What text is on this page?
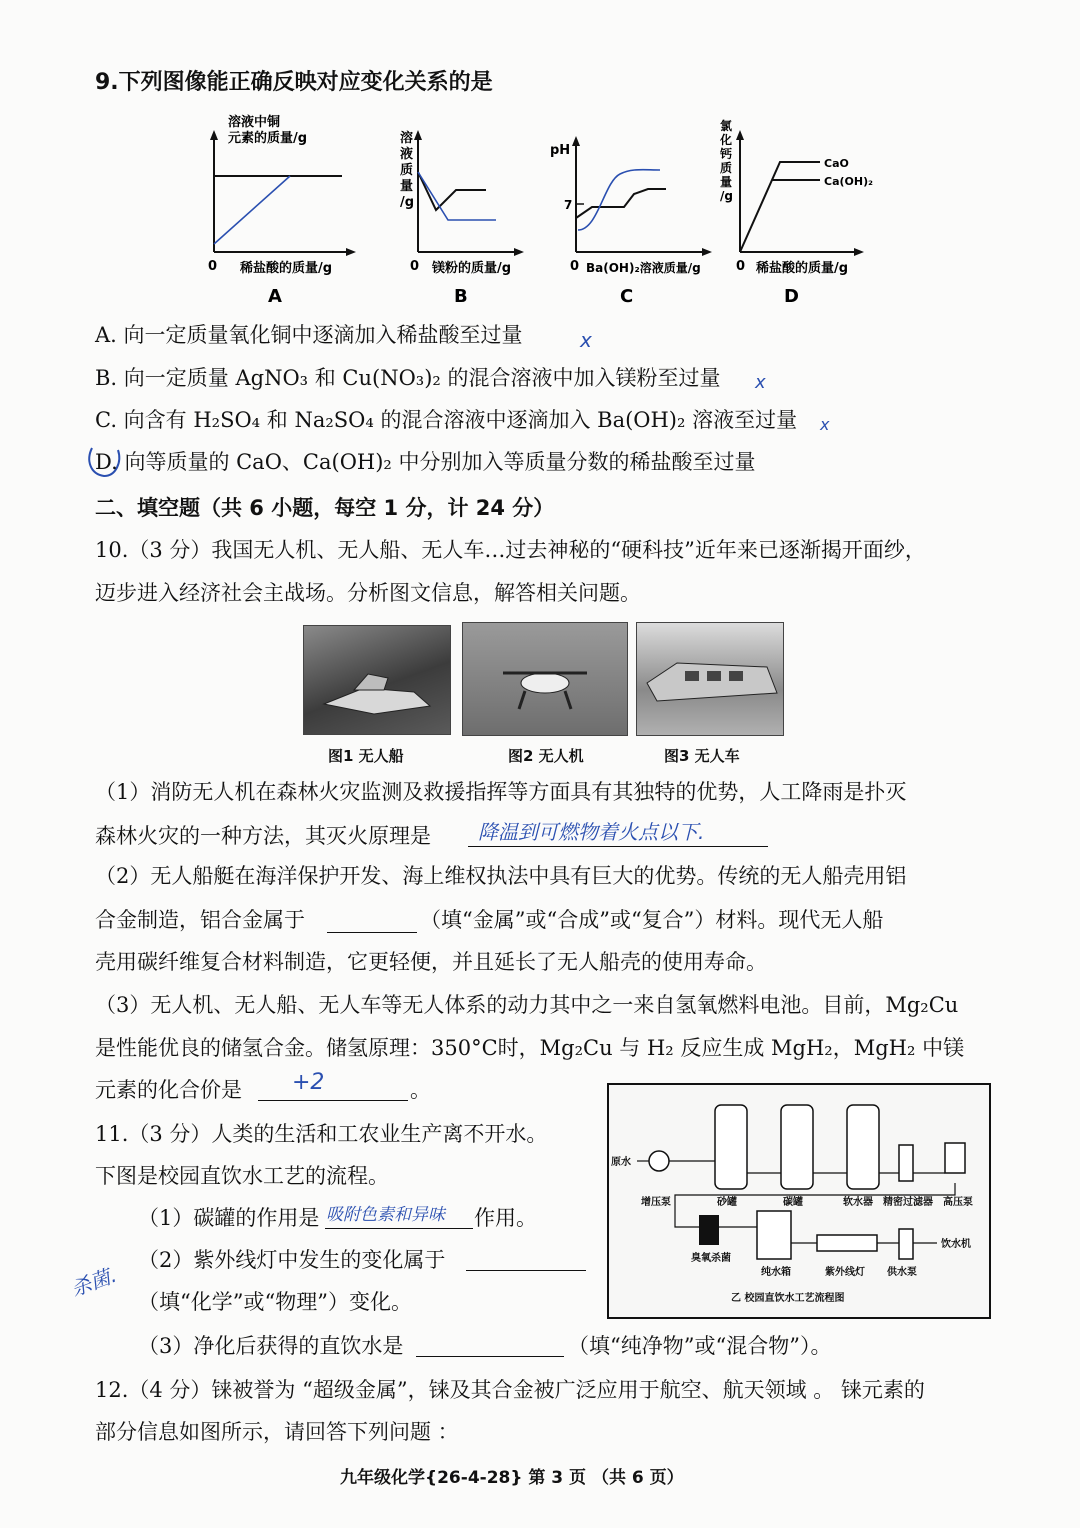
9.下列图像能正确反映对应变化关系的是
溶液中铜
元素的质量/g
0 稀盐酸的质量/g
A
溶液质量/g
0 镁粉的质量/g
B
pH
7
0 Ba(OH)₂溶液质量/g
C
CaO
Ca(OH)₂
氯化钙质量/g
0 稀盐酸的质量/g
D
A. 向一定质量氧化铜中逐滴加入稀盐酸至过量	x
B. 向一定质量 AgNO₃ 和 Cu(NO₃)₂ 的混合溶液中加入镁粉至过量 x
C. 向含有 H₂SO₄ 和 Na₂SO₄ 的混合溶液中逐滴加入 Ba(OH)₂ 溶液至过量 x
D. 向等质量的 CaO、Ca(OH)₂ 中分别加入等质量分数的稀盐酸至过量
二、填空题（共 6 小题，每空 1 分，计 24 分）
10.（3 分）我国无人机、无人船、无人车…过去神秘的“硬科技”近年来已逐渐揭开面纱，
迈步进入经济社会主战场。分析图文信息，解答相关问题。
图1 无人船	图2 无人机	图3 无人车
（1）消防无人机在森林火灾监测及救援指挥等方面具有其独特的优势，人工降雨是扑灭
森林火灾的一种方法，其灭火原理是 降温到可燃物着火点以下.
（2）无人船艇在海洋保护开发、海上维权执法中具有巨大的优势。传统的无人船壳用铝
合金制造，铝合金属于	（填“金属”或“合成”或“复合”）材料。现代无人船
壳用碳纤维复合材料制造，它更轻便，并且延长了无人船壳的使用寿命。
（3）无人机、无人船、无人车等无人体系的动力其中之一来自氢氧燃料电池。目前，Mg₂Cu
是性能优良的储氢合金。储氢原理：350°C时，Mg₂Cu 与 H₂ 反应生成 MgH₂，MgH₂ 中镁
元素的化合价是 +2	。
11.（3 分）人类的生活和工农业生产离不开水。
下图是校园直饮水工艺的流程。
（1）碳罐的作用是 吸附色素和异味 作用。
（2）紫外线灯中发生的变化属于
杀菌.
（填“化学”或“物理”）变化。
（3）净化后获得的直饮水是	（填“纯净物”或“混合物”）。
原水
增压泵	砂罐	碳罐	软水器 精密过滤器 高压泵
臭氧杀菌
纯水箱	紫外线灯 供水泵
饮水机
乙 校园直饮水工艺流程图
12.（4 分）铼被誉为 “超级金属”，铼及其合金被广泛应用于航空、航天领域 。 铼元素的
部分信息如图所示，请回答下列问题 ：
九年级化学{26-4-28} 第 3 页 （共 6 页）
